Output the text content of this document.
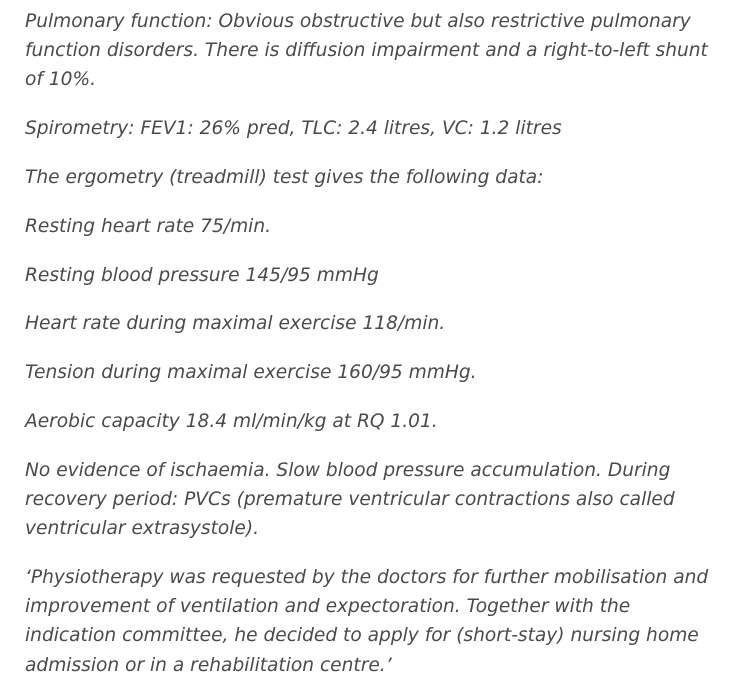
Pulmonary function: Obvious obstructive but also restrictive pulmonary function disorders. There is diffusion impairment and a right-to-left shunt of 10%.

Spirometry: FEV1: 26% pred, TLC: 2.4 litres, VC: 1.2 litres

The ergometry (treadmill) test gives the following data:

Resting heart rate 75/min.

Resting blood pressure 145/95 mmHg

Heart rate during maximal exercise 118/min.

Tension during maximal exercise 160/95 mmHg.

Aerobic capacity 18.4 ml/min/kg at RQ 1.01.

No evidence of ischaemia. Slow blood pressure accumulation. During recovery period: PVCs (premature ventricular contractions also called ventricular extrasystole).

‘Physiotherapy was requested by the doctors for further mobilisation and improvement of ventilation and expectoration. Together with the indication committee, he decided to apply for (short-stay) nursing home admission or in a rehabilitation centre.’
